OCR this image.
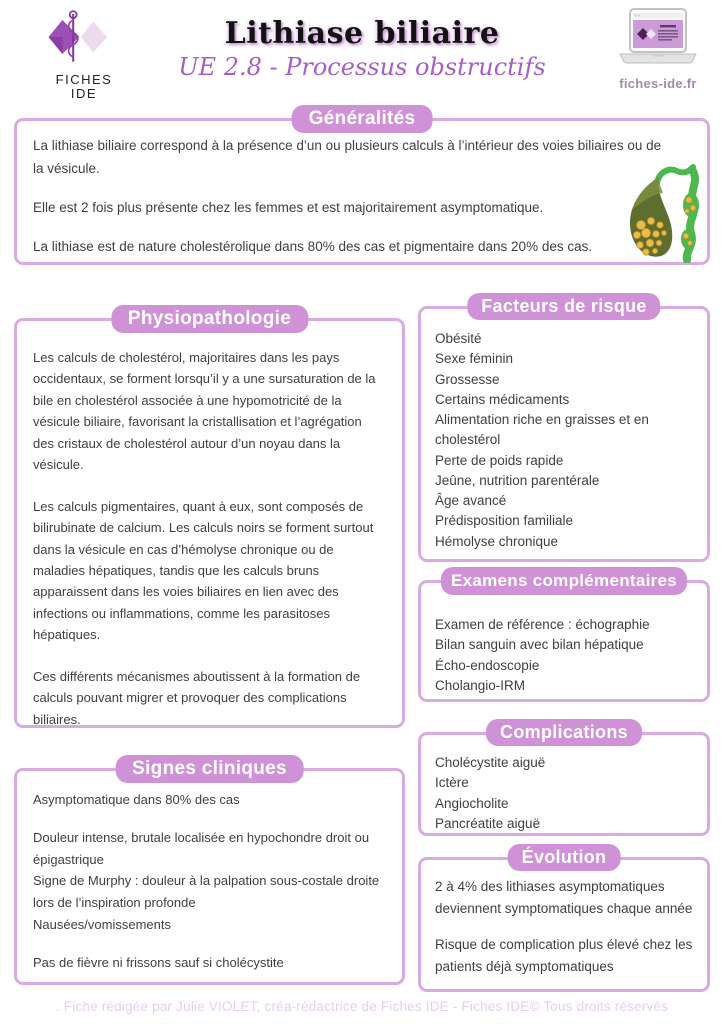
FICHES
IDE
Lithiase biliaire
UE 2.8 - Processus obstructifs
fiches-ide.fr
Généralités

La lithiase biliaire correspond à la présence d’un ou plusieurs calculs à l’intérieur des voies biliaires ou de la vésicule.

Elle est 2 fois plus présente chez les femmes et est majoritairement asymptomatique.

La lithiase est de nature cholestérolique dans 80% des cas et pigmentaire dans 20% des cas.

Physiopathologie

Les calculs de cholestérol, majoritaires dans les pays occidentaux, se forment lorsqu’il y a une sursaturation de la bile en cholestérol associée à une hypomotricité de la vésicule biliaire, favorisant la cristallisation et l’agrégation des cristaux de cholestérol autour d’un noyau dans la vésicule.

Les calculs pigmentaires, quant à eux, sont composés de bilirubinate de calcium. Les calculs noirs se forment surtout dans la vésicule en cas d’hémolyse chronique ou de maladies hépatiques, tandis que les calculs bruns apparaissent dans les voies biliaires en lien avec des infections ou inflammations, comme les parasitoses hépatiques.

Ces différents mécanismes aboutissent à la formation de calculs pouvant migrer et provoquer des complications biliaires.

Signes cliniques

Asymptomatique dans 80% des cas

Douleur intense, brutale localisée en hypochondre droit ou épigastrique

Signe de Murphy : douleur à la palpation sous-costale droite lors de l’inspiration profonde

Nausées/vomissements

Pas de fièvre ni frissons sauf si cholécystite

Facteurs de risque

Obésité

Sexe féminin

Grossesse

Certains médicaments

Alimentation riche en graisses et en cholestérol

Perte de poids rapide

Jeûne, nutrition parentérale

Âge avancé

Prédisposition familiale

Hémolyse chronique

Examens complémentaires

Examen de référence : échographie

Bilan sanguin avec bilan hépatique

Écho-endoscopie

Cholangio-IRM

Complications

Cholécystite aiguë

Ictère

Angiocholite

Pancréatite aiguë

Évolution

2 à 4% des lithiases asymptomatiques deviennent symptomatiques chaque année

Risque de complication plus élevé chez les patients déjà symptomatiques

. Fiche rédigée par Julie VIOLET, créa-rédactrice de Fiches IDE - Fiches IDE© Tous droits réservés
